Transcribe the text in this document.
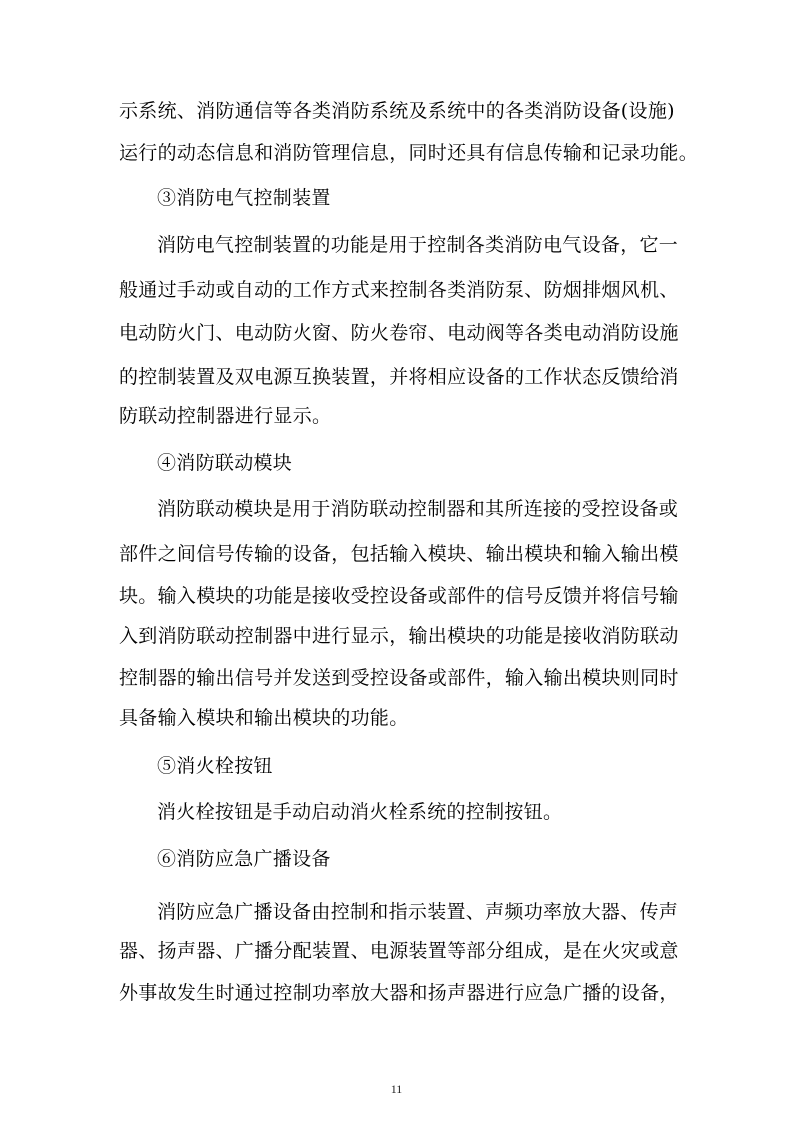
示系统、消防通信等各类消防系统及系统中的各类消防设备(设施)
运行的动态信息和消防管理信息，同时还具有信息传输和记录功能。
③消防电气控制装置
消防电气控制装置的功能是用于控制各类消防电气设备，它一
般通过手动或自动的工作方式来控制各类消防泵、防烟排烟风机、
电动防火门、电动防火窗、防火卷帘、电动阀等各类电动消防设施
的控制装置及双电源互换装置，并将相应设备的工作状态反馈给消
防联动控制器进行显示。
④消防联动模块
消防联动模块是用于消防联动控制器和其所连接的受控设备或
部件之间信号传输的设备，包括输入模块、输出模块和输入输出模
块。输入模块的功能是接收受控设备或部件的信号反馈并将信号输
入到消防联动控制器中进行显示，输出模块的功能是接收消防联动
控制器的输出信号并发送到受控设备或部件，输入输出模块则同时
具备输入模块和输出模块的功能。
⑤消火栓按钮
消火栓按钮是手动启动消火栓系统的控制按钮。
⑥消防应急广播设备
消防应急广播设备由控制和指示装置、声频功率放大器、传声
器、扬声器、广播分配装置、电源装置等部分组成，是在火灾或意
外事故发生时通过控制功率放大器和扬声器进行应急广播的设备，
11
